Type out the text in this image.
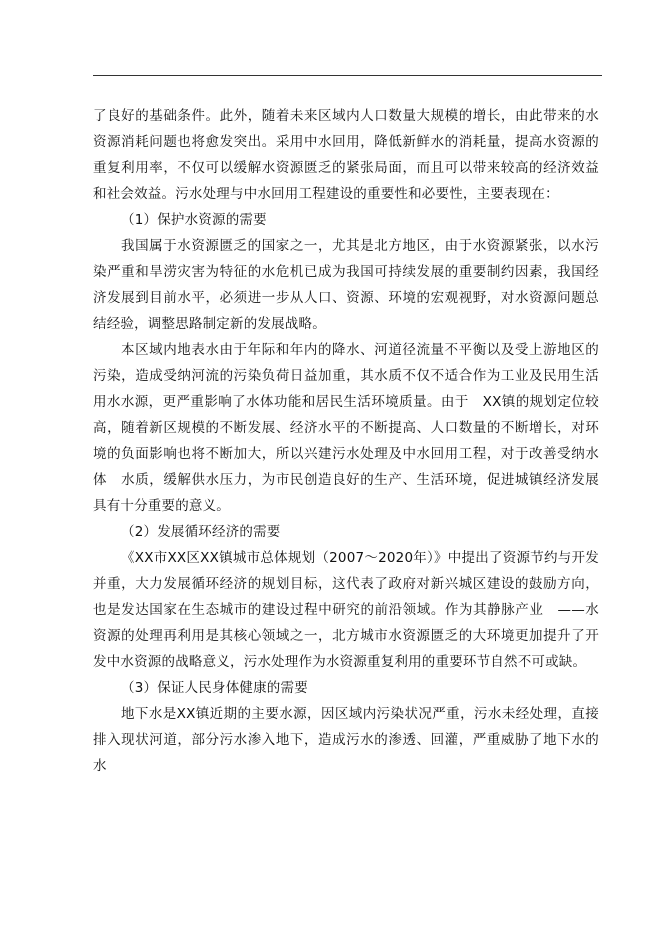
了良好的基础条件。此外，随着未来区域内人口数量大规模的增长，由此带来的水资源消耗问题也将愈发突出。采用中水回用，降低新鲜水的消耗量，提高水资源的重复利用率，不仅可以缓解水资源匮乏的紧张局面，而且可以带来较高的经济效益和社会效益。污水处理与中水回用工程建设的重要性和必要性，主要表现在：

（1）保护水资源的需要

我国属于水资源匮乏的国家之一，尤其是北方地区，由于水资源紧张，以水污染严重和旱涝灾害为特征的水危机已成为我国可持续发展的重要制约因素，我国经济发展到目前水平，必须进一步从人口、资源、环境的宏观视野，对水资源问题总结经验，调整思路制定新的发展战略。

本区域内地表水由于年际和年内的降水、河道径流量不平衡以及受上游地区的污染，造成受纳河流的污染负荷日益加重，其水质不仅不适合作为工业及民用生活用水水源，更严重影响了水体功能和居民生活环境质量。由于　XX镇的规划定位较高，随着新区规模的不断发展、经济水平的不断提高、人口数量的不断增长，对环境的负面影响也将不断加大，所以兴建污水处理及中水回用工程，对于改善受纳水体　水质，缓解供水压力，为市民创造良好的生产、生活环境，促进城镇经济发展具有十分重要的意义。

（2）发展循环经济的需要

《XX市XX区XX镇城市总体规划（2007～2020年）》中提出了资源节约与开发并重，大力发展循环经济的规划目标，这代表了政府对新兴城区建设的鼓励方向，也是发达国家在生态城市的建设过程中研究的前沿领域。作为其静脉产业　——水资源的处理再利用是其核心领域之一，北方城市水资源匮乏的大环境更加提升了开发中水资源的战略意义，污水处理作为水资源重复利用的重要环节自然不可或缺。

（3）保证人民身体健康的需要

地下水是XX镇近期的主要水源，因区域内污染状况严重，污水未经处理，直接排入现状河道，部分污水渗入地下，造成污水的渗透、回灌，严重威胁了地下水的水
